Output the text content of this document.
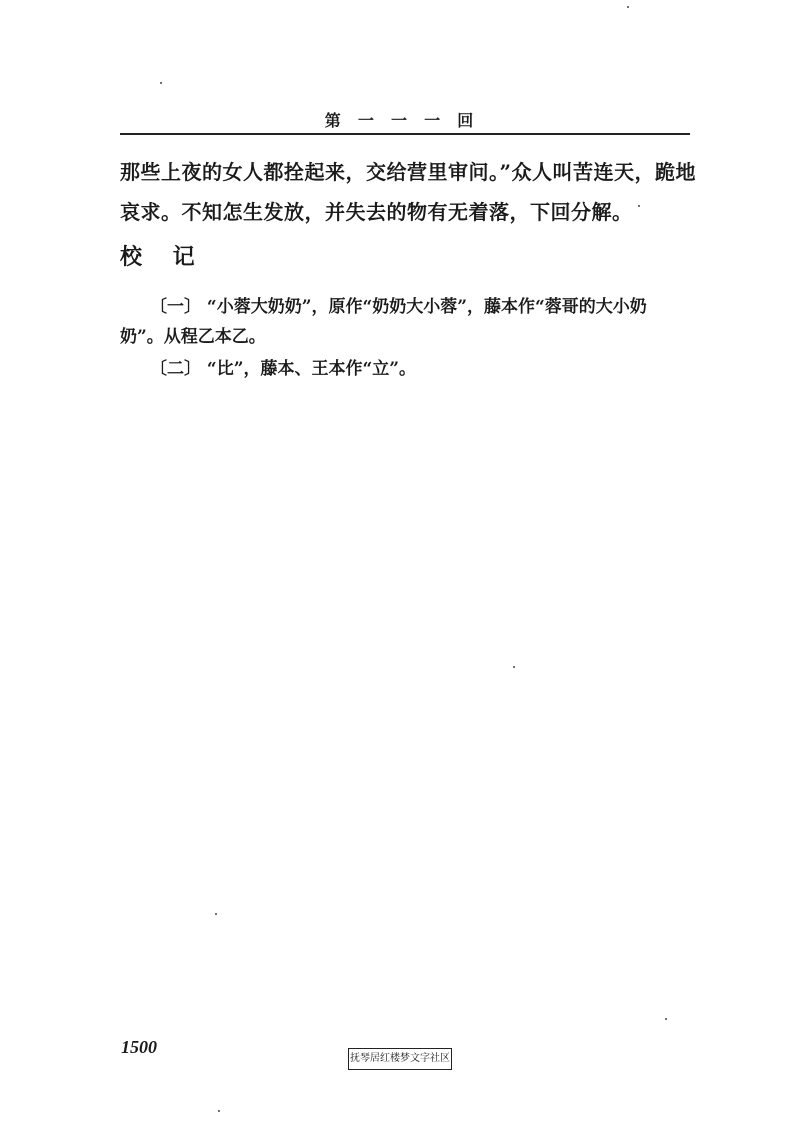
第  一  一  一  回

那些上夜的女人都拴起来，交给营里审问。”众人叫苦连天，跪地

哀求。不知怎生发放，并失去的物有无着落，下回分解。

校    记

〔一〕 “小蓉大奶奶”，原作“奶奶大小蓉”，藤本作“蓉哥的大小奶

奶”。从程乙本乙。

〔二〕 “比”，藤本、王本作“立”。

1500
抚琴居红楼梦文字社区
